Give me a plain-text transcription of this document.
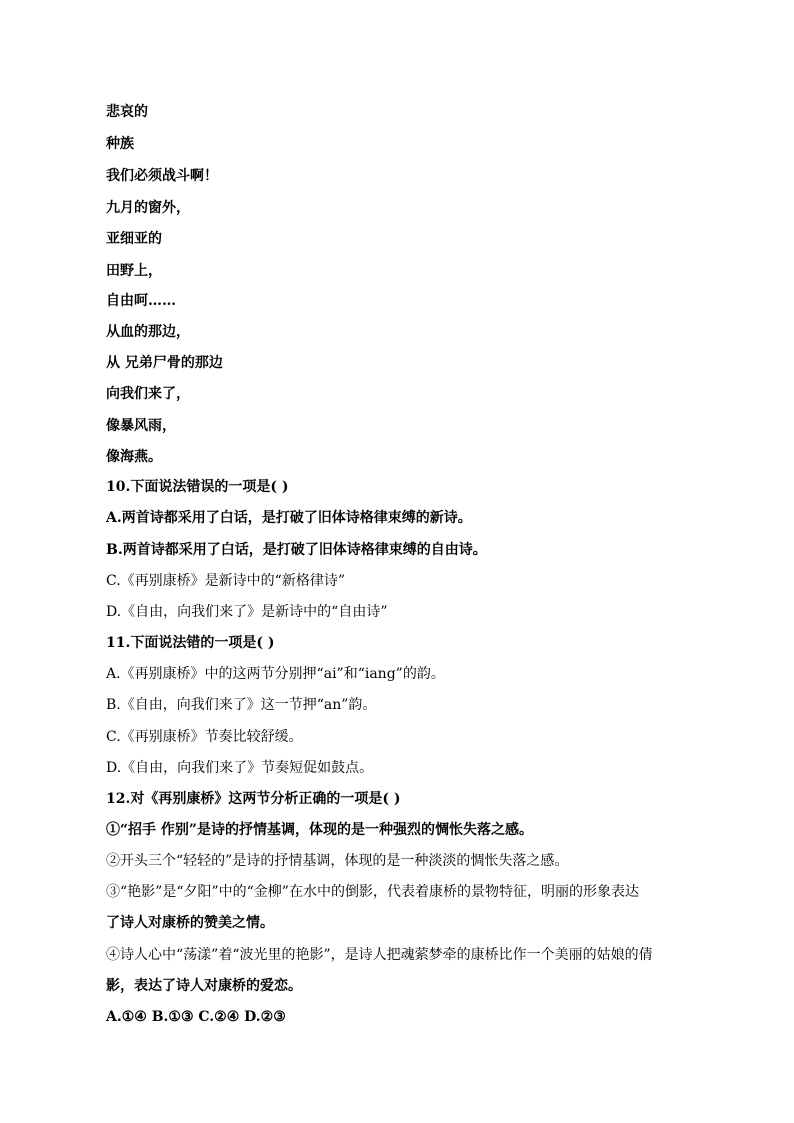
悲哀的
种族
我们必须战斗啊！
九月的窗外，
亚细亚的
田野上，
自由呵……
从血的那边，
从 兄弟尸骨的那边
向我们来了，
像暴风雨，
像海燕。
10.下面说法错误的一项是( )
A.两首诗都采用了白话，是打破了旧体诗格律束缚的新诗。
B.两首诗都采用了白话，是打破了旧体诗格律束缚的自由诗。
C.《再别康桥》是新诗中的“新格律诗”
D.《自由，向我们来了》是新诗中的“自由诗”
11.下面说法错的一项是( )
A.《再别康桥》中的这两节分别押“ai”和“iang”的韵。
B.《自由，向我们来了》这一节押“an”韵。
C.《再别康桥》节奏比较舒缓。
D.《自由，向我们来了》节奏短促如鼓点。
12.对《再别康桥》这两节分析正确的一项是( )
①“招手 作别”是诗的抒情基调，体现的是一种强烈的惆怅失落之感。
②开头三个“轻轻的”是诗的抒情基调，体现的是一种淡淡的惆怅失落之感。
③“艳影”是“夕阳”中的“金柳”在水中的倒影，代表着康桥的景物特征，明丽的形象表达
了诗人对康桥的赞美之情。
④诗人心中“荡漾”着“波光里的艳影”，是诗人把魂萦梦牵的康桥比作一个美丽的姑娘的倩
影，表达了诗人对康桥的爱恋。
A.①④ B.①③ C.②④ D.②③
